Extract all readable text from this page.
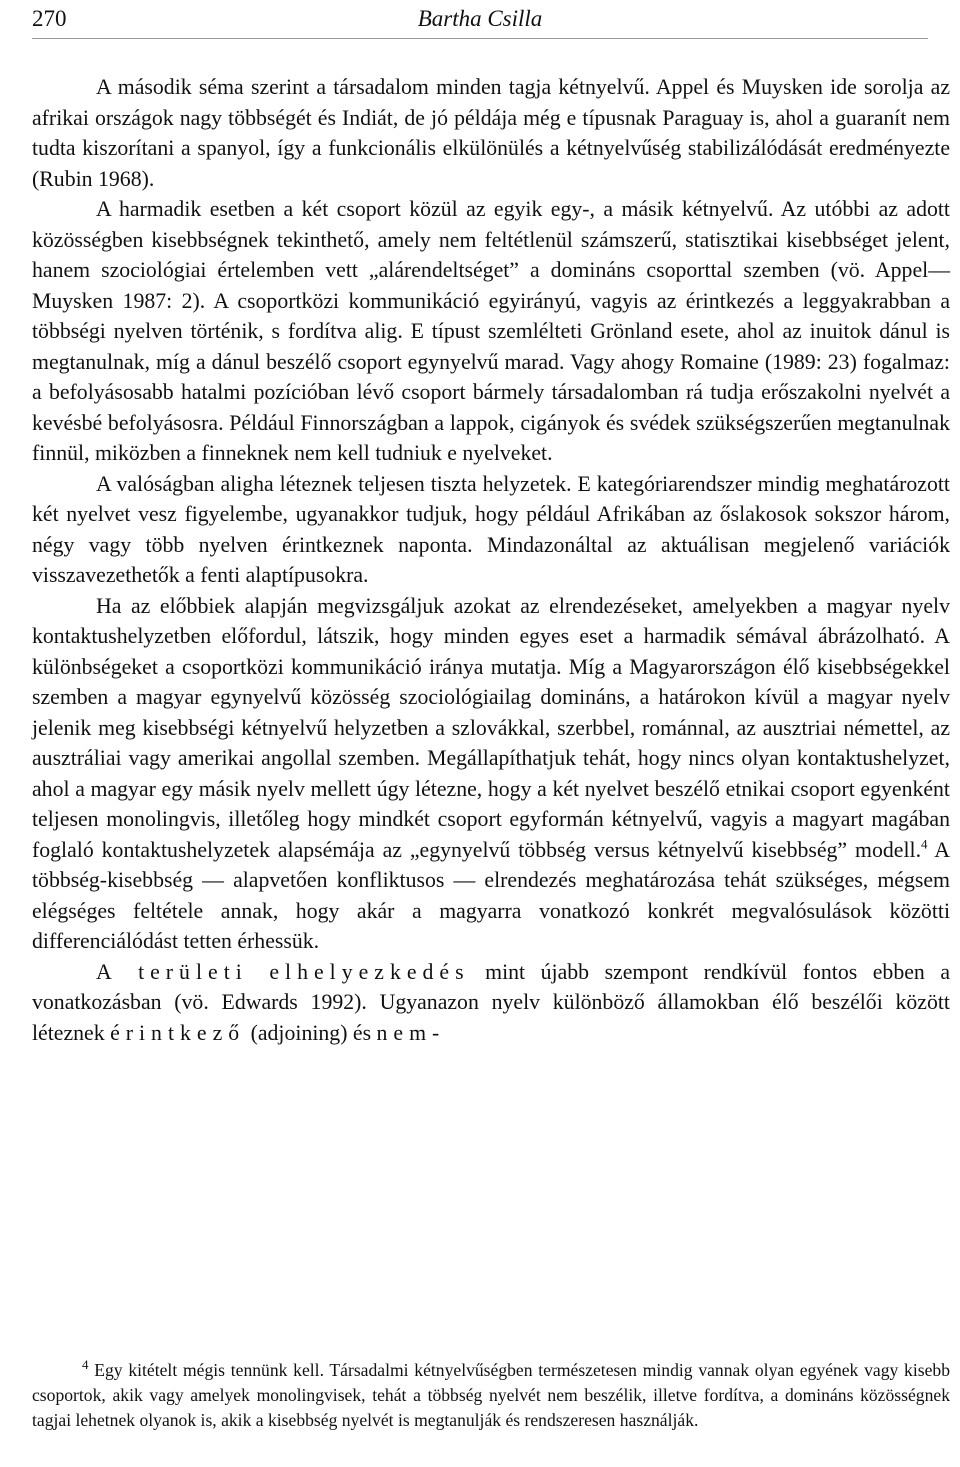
270	Bartha Csilla

A második séma szerint a társadalom minden tagja kétnyelvű. Appel és Muysken ide sorolja az afrikai országok nagy többségét és Indiát, de jó példája még e típusnak Paraguay is, ahol a guaranít nem tudta kiszorítani a spanyol, így a funkcionális elkülönülés a kétnyelvűség stabilizálódását eredményezte (Rubin 1968).

A harmadik esetben a két csoport közül az egyik egy-, a másik kétnyelvű. Az utóbbi az adott közösségben kisebbségnek tekinthető, amely nem feltétlenül számszerű, statisztikai kisebbséget jelent, hanem szociológiai értelemben vett „alárendeltséget” a domináns csoporttal szemben (vö. Appel—Muysken 1987: 2). A csoportközi kommunikáció egyirányú, vagyis az érintkezés a leggyakrabban a többségi nyelven történik, s fordítva alig. E típust szemlélteti Grönland esete, ahol az inuitok dánul is megtanulnak, míg a dánul beszélő csoport egynyelvű marad. Vagy ahogy Romaine (1989: 23) fogalmaz: a befolyásosabb hatalmi pozícióban lévő csoport bármely társadalomban rá tudja erőszakolni nyelvét a kevésbé befolyásosra. Például Finnországban a lappok, cigányok és svédek szükségszerűen megtanulnak finnül, miközben a finneknek nem kell tudniuk e nyelveket.

A valóságban aligha léteznek teljesen tiszta helyzetek. E kategóriarendszer mindig meghatározott két nyelvet vesz figyelembe, ugyanakkor tudjuk, hogy például Afrikában az őslakosok sokszor három, négy vagy több nyelven érintkeznek naponta. Mindazonáltal az aktuálisan megjelenő variációk visszavezethetők a fenti alaptípusokra.

Ha az előbbiek alapján megvizsgáljuk azokat az elrendezéseket, amelyekben a magyar nyelv kontaktushelyzetben előfordul, látszik, hogy minden egyes eset a harmadik sémával ábrázolható. A különbségeket a csoportközi kommunikáció iránya mutatja. Míg a Magyarországon élő kisebbségekkel szemben a magyar egynyelvű közösség szociológiailag domináns, a határokon kívül a magyar nyelv jelenik meg kisebbségi kétnyelvű helyzetben a szlovákkal, szerbbel, románnal, az ausztriai némettel, az ausztráliai vagy amerikai angollal szemben. Megállapíthatjuk tehát, hogy nincs olyan kontaktushelyzet, ahol a magyar egy másik nyelv mellett úgy létezne, hogy a két nyelvet beszélő etnikai csoport egyenként teljesen monolingvis, illetőleg hogy mindkét csoport egyformán kétnyelvű, vagyis a magyart magában foglaló kontaktushelyzetek alapsémája az „egynyelvű többség versus kétnyelvű kisebbség” modell.$^4$ A többség-kisebbség — alapvetően konfliktusos — elrendezés meghatározása tehát szükséges, mégsem elégséges feltétele annak, hogy akár a magyarra vonatkozó konkrét megvalósulások közötti differenciálódást tetten érhessük.

A területi elhelyezkedés mint újabb szempont rendkívül fontos ebben a vonatkozásban (vö. Edwards 1992). Ugyanazon nyelv különböző államokban élő beszélői között léteznek érintkező (adjoining) és nem-

$^4$ Egy kitételt mégis tennünk kell. Társadalmi kétnyelvűségben természetesen mindig vannak olyan egyének vagy kisebb csoportok, akik vagy amelyek monolingvisek, tehát a többség nyelvét nem beszélik, illetve fordítva, a domináns közösségnek tagjai lehetnek olyanok is, akik a kisebbség nyelvét is megtanulják és rendszeresen használják.
